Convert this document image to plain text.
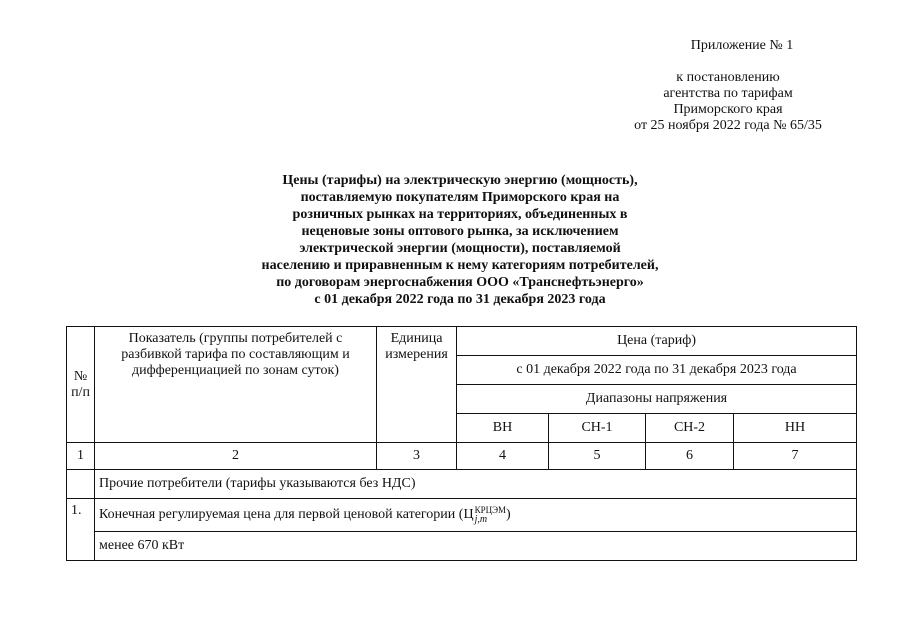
Приложение № 1
к постановлению
агентства по тарифам
Приморского края
от 25 ноября 2022 года № 65/35
Цены (тарифы) на электрическую энергию (мощность),
поставляемую покупателям Приморского края на
розничных рынках на территориях, объединенных в
неценовые зоны оптового рынка, за исключением
электрической энергии (мощности), поставляемой
населению и приравненным к нему категориям потребителей,
по договорам энергоснабжения ООО «Транснефтьэнерго»
с 01 декабря 2022 года по 31 декабря 2023 года
№ п/п	Показатель (группы потребителей с разбивкой тарифа по составляющим и дифференциацией по зонам суток)	Единица измерения	Цена (тариф)			
			с 01 декабря 2022 года по 31 декабря 2023 года			
			Диапазоны напряжения			
			ВН	СН-1	СН-2	НН
1	2	3	4	5	6	7
	Прочие потребители (тарифы указываются без НДС)					
1.	Конечная регулируемая цена для первой ценовой категории (Ц КРЦЭМ
j,m )					
	менее 670 кВт					
